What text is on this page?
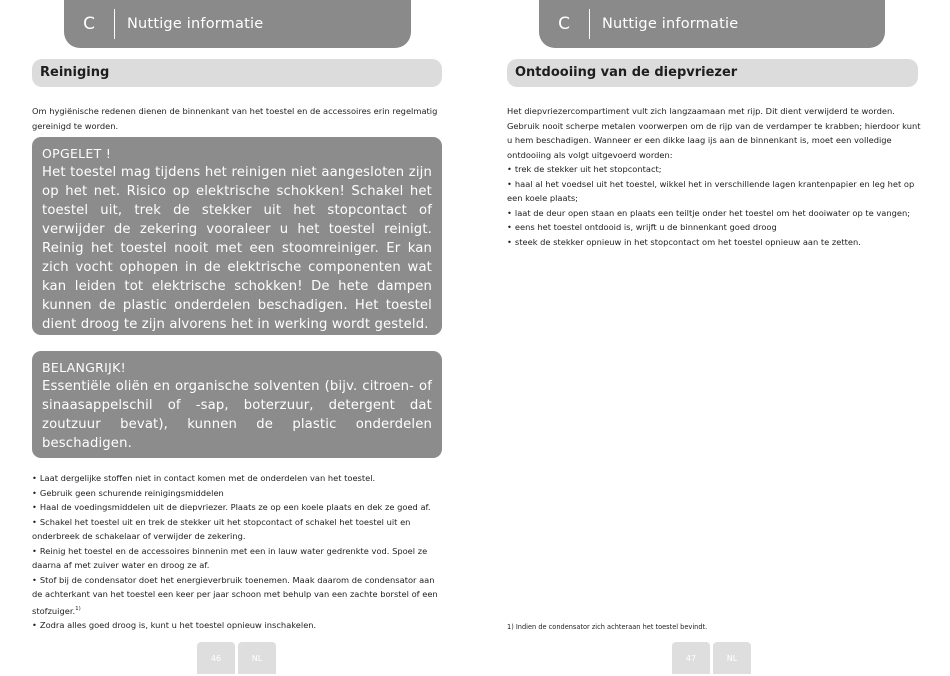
C	Nuttige informatie
Reiniging

Om hygiënische redenen dienen de binnenkant van het toestel en de accessoires erin regelmatig gereinigd te worden.

OPGELET !
Het toestel mag tijdens het reinigen niet aangesloten zijn op het net. Risico op elektrische schokken! Schakel het toestel uit, trek de stekker uit het stopcontact of verwijder de zekering vooraleer u het toestel reinigt. Reinig het toestel nooit met een stoomreiniger. Er kan zich vocht ophopen in de elektrische componenten wat kan leiden tot elektrische schokken! De hete dampen kunnen de plastic onderdelen beschadigen. Het toestel dient droog te zijn alvorens het in werking wordt gesteld.
BELANGRIJK!
Essentiële oliën en organische solventen (bijv. citroen- of sinaasappelschil of -sap, boterzuur, detergent dat zoutzuur bevat), kunnen de plastic onderdelen beschadigen.
• Laat dergelijke stoffen niet in contact komen met de onderdelen van het toestel.
• Gebruik geen schurende reinigingsmiddelen
• Haal de voedingsmiddelen uit de diepvriezer. Plaats ze op een koele plaats en dek ze goed af.
• Schakel het toestel uit en trek de stekker uit het stopcontact of schakel het toestel uit en onderbreek de schakelaar of verwijder de zekering.
• Reinig het toestel en de accessoires binnenin met een in lauw water gedrenkte vod. Spoel ze daarna af met zuiver water en droog ze af.
• Stof bij de condensator doet het energieverbruik toenemen. Maak daarom de condensator aan de achterkant van het toestel een keer per jaar schoon met behulp van een zachte borstel of een stofzuiger.$^{1)}$
• Zodra alles goed droog is, kunt u het toestel opnieuw inschakelen.
46	NL
C	Nuttige informatie
Ontdooiing van de diepvriezer

Het diepvriezercompartiment vult zich langzaamaan met rijp. Dit dient verwijderd te worden. Gebruik nooit scherpe metalen voorwerpen om de rijp van de verdamper te krabben; hierdoor kunt u hem beschadigen. Wanneer er een dikke laag ijs aan de binnenkant is, moet een volledige ontdooiing als volgt uitgevoerd worden:

• trek de stekker uit het stopcontact;
• haal al het voedsel uit het toestel, wikkel het in verschillende lagen krantenpapier en leg het op een koele plaats;
• laat de deur open staan en plaats een teiltje onder het toestel om het dooiwater op te vangen;
• eens het toestel ontdooid is, wrijft u de binnenkant goed droog
• steek de stekker opnieuw in het stopcontact om het toestel opnieuw aan te zetten.
1) Indien de condensator zich achteraan het toestel bevindt.
47	NL
